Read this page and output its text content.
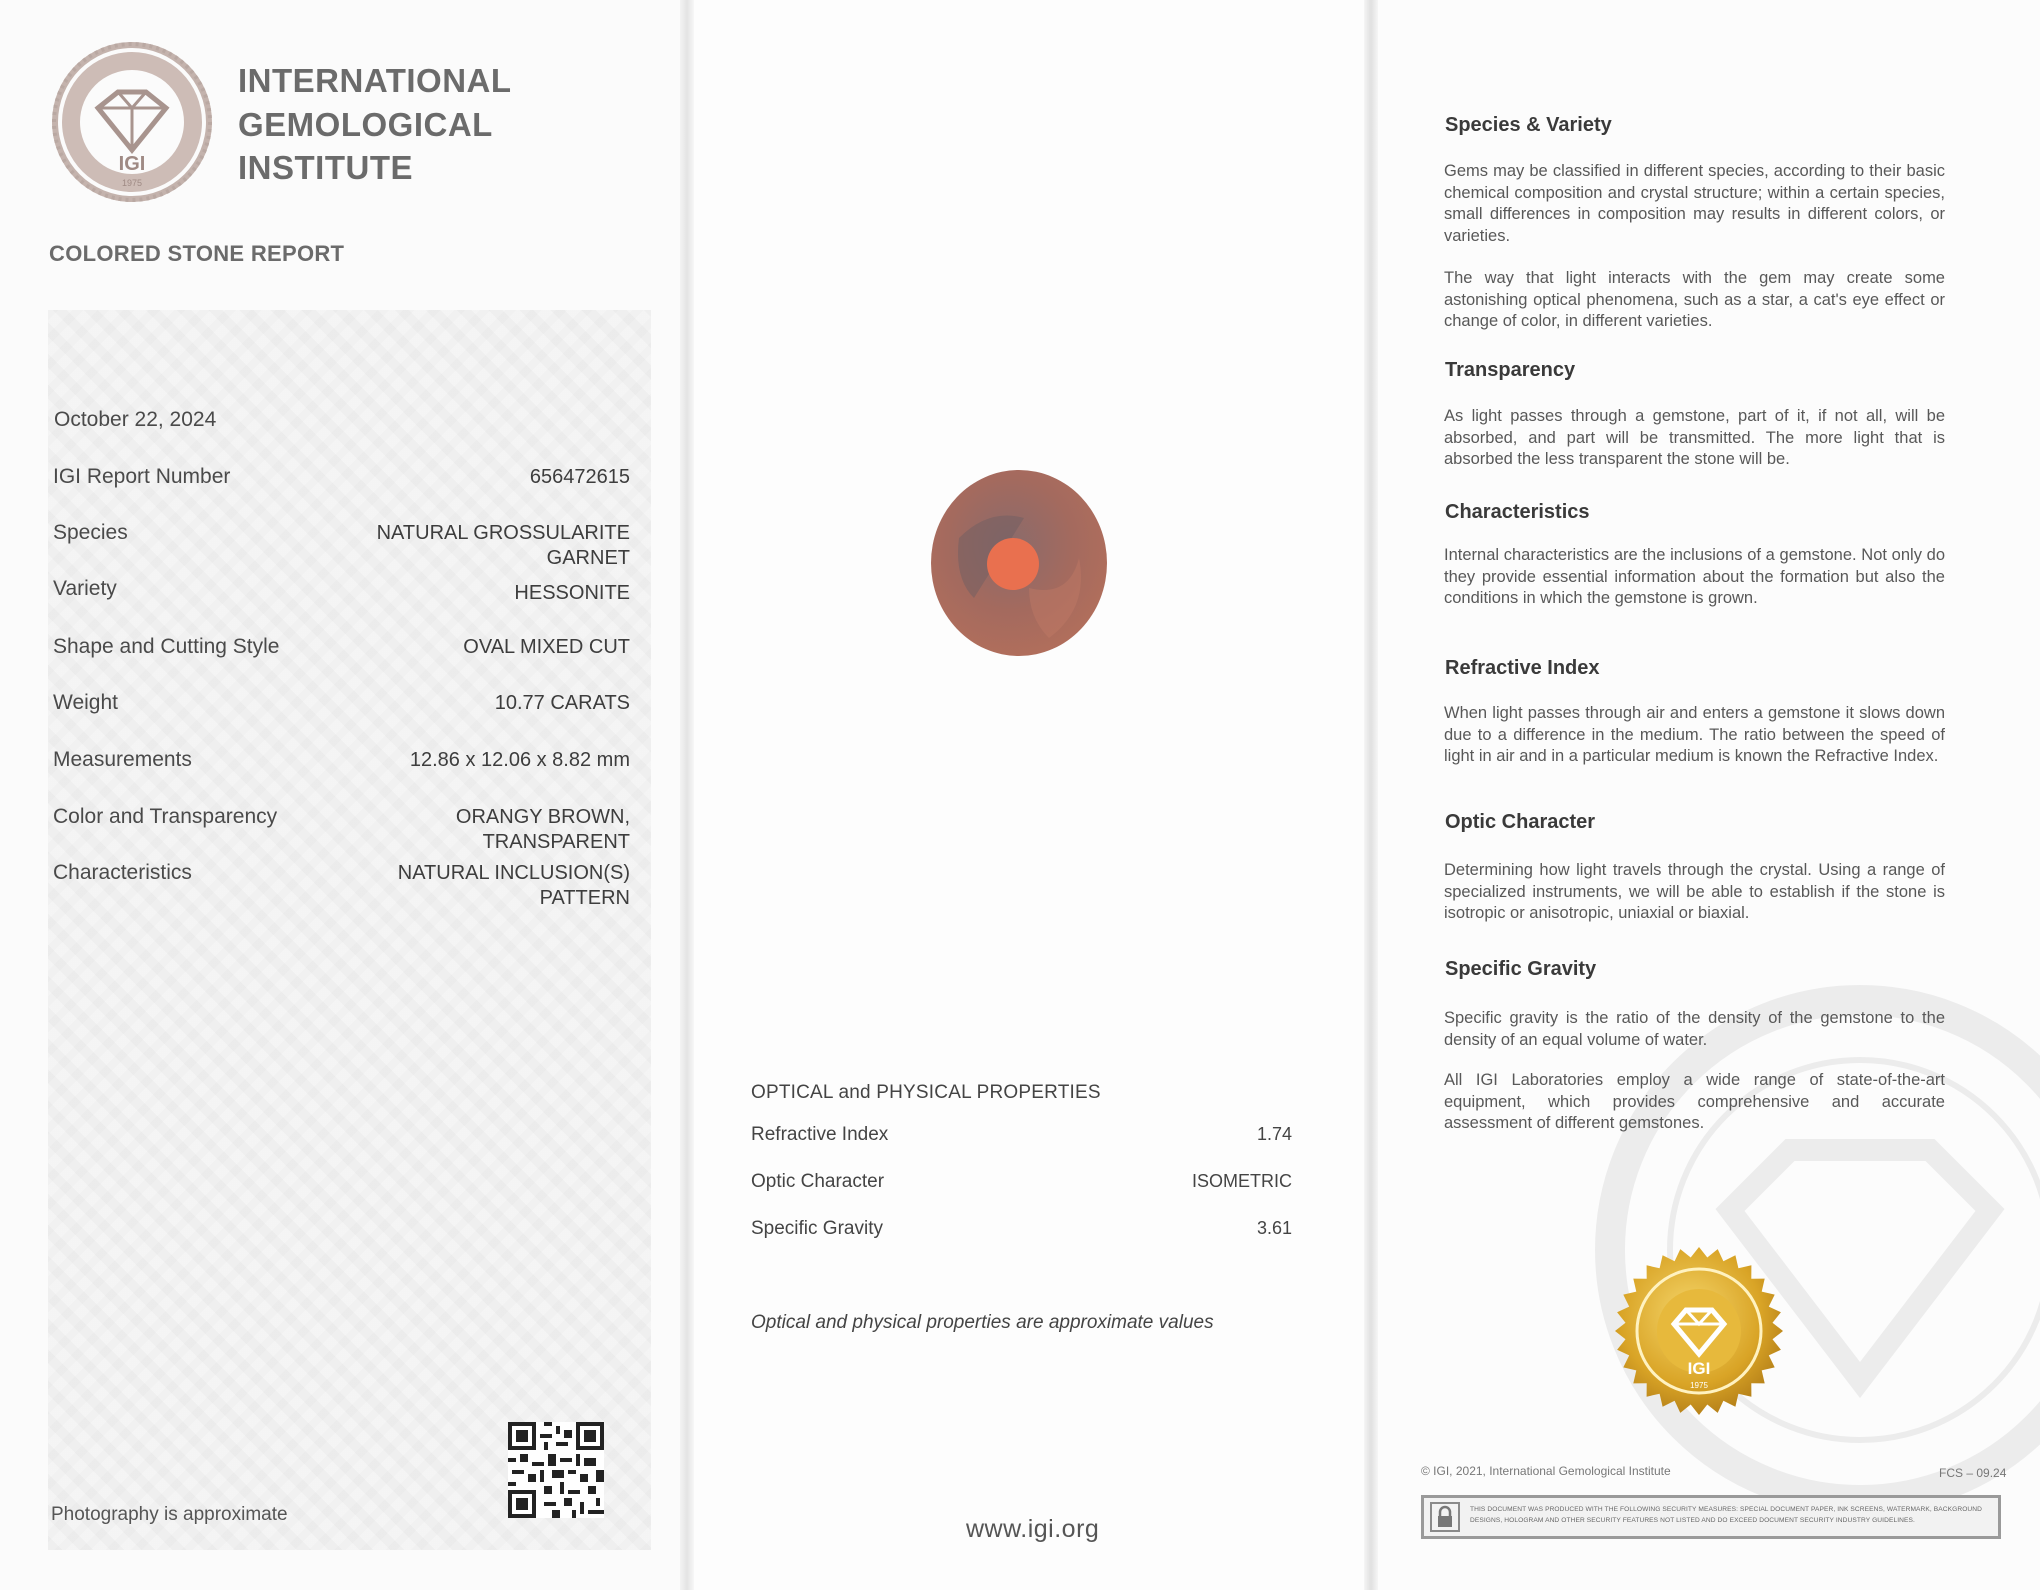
IGI
1975
INTERNATIONAL
GEMOLOGICAL
INSTITUTE
COLORED STONE REPORT
October 22, 2024
IGI Report Number	656472615
Species	NATURAL GROSSULARITE
GARNET
Variety	HESSONITE
Shape and Cutting Style	OVAL MIXED CUT
Weight	10.77 CARATS
Measurements	12.86 x 12.06 x 8.82 mm
Color and Transparency	ORANGY BROWN,
TRANSPARENT
Characteristics	NATURAL INCLUSION(S)
PATTERN
Photography is approximate
OPTICAL and PHYSICAL PROPERTIES
Refractive Index	1.74
Optic Character	ISOMETRIC
Specific Gravity	3.61
Optical and physical properties are approximate values
www.igi.org
Species & Variety
Gems may be classified in different species, according to their basic chemical composition and crystal structure; within a certain species, small differences in composition may results in different colors, or varieties.
The way that light interacts with the gem may create some astonishing optical phenomena, such as a star, a cat's eye effect or change of color, in different varieties.
Transparency
As light passes through a gemstone, part of it, if not all, will be absorbed, and part will be transmitted. The more light that is absorbed the less transparent the stone will be.
Characteristics
Internal characteristics are the inclusions of a gemstone. Not only do they provide essential information about the formation but also the conditions in which the gemstone is grown.
Refractive Index
When light passes through air and enters a gemstone it slows down due to a difference in the medium. The ratio between the speed of light in air and in a particular medium is known the Refractive Index.
Optic Character
Determining how light travels through the crystal. Using a range of specialized instruments, we will be able to establish if the stone is isotropic or anisotropic, uniaxial or biaxial.
Specific Gravity
Specific gravity is the ratio of the density of the gemstone to the density of an equal volume of water.
All IGI Laboratories employ a wide range of state-of-the-art equipment, which provides comprehensive and accurate assessment of different gemstones.
IGI
1975
© IGI, 2021, International Gemological Institute	FCS – 09.24
THIS DOCUMENT WAS PRODUCED WITH THE FOLLOWING SECURITY MEASURES: SPECIAL DOCUMENT PAPER, INK SCREENS, WATERMARK, BACKGROUND DESIGNS, HOLOGRAM AND OTHER SECURITY FEATURES NOT LISTED AND DO EXCEED DOCUMENT SECURITY INDUSTRY GUIDELINES.
